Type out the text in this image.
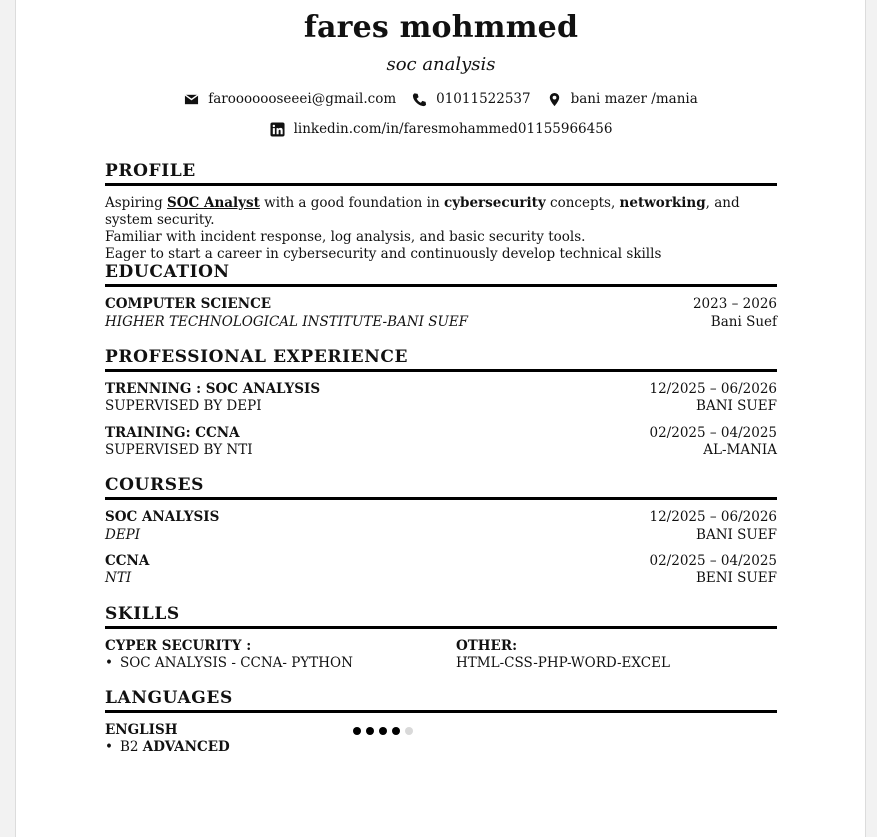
fares mohmmed
soc analysis
farooooooseeei@gmail.com	01011522537	bani mazer /mania
linkedin.com/in/faresmohammed01155966456
PROFILE
Aspiring SOC Analyst with a good foundation in cybersecurity concepts, networking, and system security.
Familiar with incident response, log analysis, and basic security tools.
Eager to start a career in cybersecurity and continuously develop technical skills
EDUCATION
COMPUTER SCIENCE	2023 – 2026
HIGHER TECHNOLOGICAL INSTITUTE-BANI SUEF	Bani Suef
PROFESSIONAL EXPERIENCE
TRENNING : SOC ANALYSIS	12/2025 – 06/2026
SUPERVISED BY DEPI	BANI SUEF
TRAINING: CCNA	02/2025 – 04/2025
SUPERVISED BY NTI	AL-MANIA
COURSES
SOC ANALYSIS	12/2025 – 06/2026
DEPI	BANI SUEF
CCNA	02/2025 – 04/2025
NTI	BENI SUEF
SKILLS
CYPER SECURITY :
• SOC ANALYSIS - CCNA- PYTHON
OTHER:
HTML-CSS-PHP-WORD-EXCEL
LANGUAGES
ENGLISH
• B2 ADVANCED
